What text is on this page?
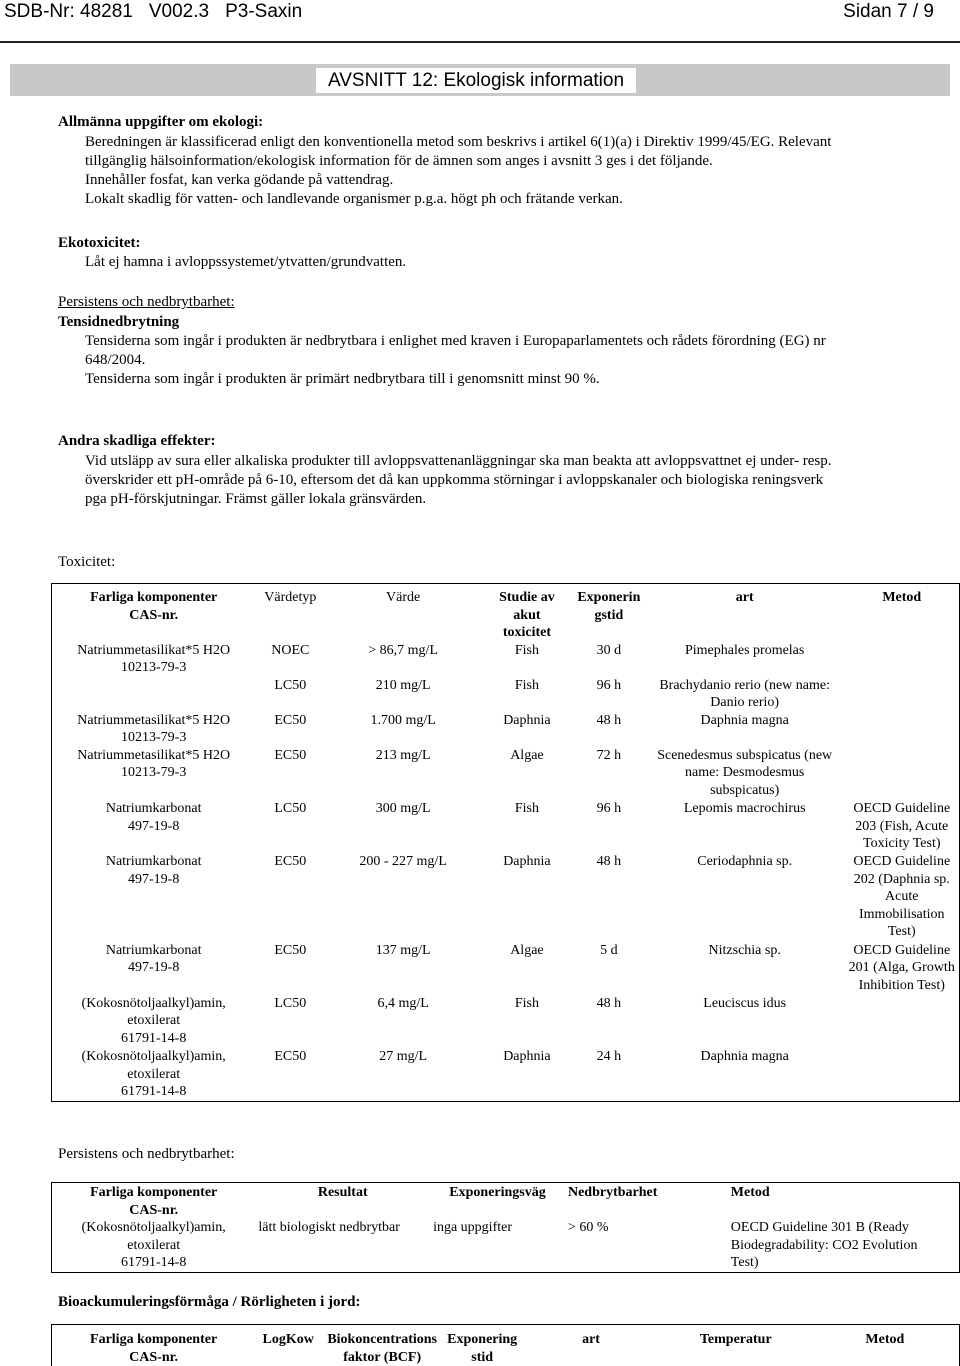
SDB-Nr: 48281 V002.3 P3-Saxin	Sidan 7 / 9
AVSNITT 12: Ekologisk information
Allmänna uppgifter om ekologi:
Beredningen är klassificerad enligt den konventionella metod som beskrivs i artikel 6(1)(a) i Direktiv 1999/45/EG. Relevant
tillgänglig hälsoinformation/ekologisk information för de ämnen som anges i avsnitt 3 ges i det följande.
Innehåller fosfat, kan verka gödande på vattendrag.
Lokalt skadlig för vatten- och landlevande organismer p.g.a. högt ph och frätande verkan.
Ekotoxicitet:
Låt ej hamna i avloppssystemet/ytvatten/grundvatten.
Persistens och nedbrytbarhet:
Tensidnedbrytning
Tensiderna som ingår i produkten är nedbrytbara i enlighet med kraven i Europaparlamentets och rådets förordning (EG) nr
648/2004.
Tensiderna som ingår i produkten är primärt nedbrytbara till i genomsnitt minst 90 %.
Andra skadliga effekter:
Vid utsläpp av sura eller alkaliska produkter till avloppsvattenanläggningar ska man beakta att avloppsvattnet ej under- resp.
överskrider ett pH-område på 6-10, eftersom det då kan uppkomma störningar i avloppskanaler och biologiska reningsverk
pga pH-förskjutningar. Främst gäller lokala gränsvärden.
Toxicitet:
Farliga komponenter
CAS-nr.	Värdetyp	Värde	Studie av
akut
toxicitet	Exponerin
gstid	art	Metod
Natriummetasilikat*5 H2O
10213-79-3	NOEC	> 86,7 mg/L	Fish	30 d	Pimephales promelas	
	LC50	210 mg/L	Fish	96 h	Brachydanio rerio (new name:
Danio rerio)	
Natriummetasilikat*5 H2O
10213-79-3	EC50	1.700 mg/L	Daphnia	48 h	Daphnia magna	
Natriummetasilikat*5 H2O
10213-79-3	EC50	213 mg/L	Algae	72 h	Scenedesmus subspicatus (new
name: Desmodesmus
subspicatus)	
Natriumkarbonat
497-19-8	LC50	300 mg/L	Fish	96 h	Lepomis macrochirus	OECD Guideline
203 (Fish, Acute
Toxicity Test)
Natriumkarbonat
497-19-8	EC50	200 - 227 mg/L	Daphnia	48 h	Ceriodaphnia sp.	OECD Guideline
202 (Daphnia sp.
Acute
Immobilisation
Test)
Natriumkarbonat
497-19-8	EC50	137 mg/L	Algae	5 d	Nitzschia sp.	OECD Guideline
201 (Alga, Growth
Inhibition Test)
(Kokosnötoljaalkyl)amin,
etoxilerat
61791-14-8	LC50	6,4 mg/L	Fish	48 h	Leuciscus idus	
(Kokosnötoljaalkyl)amin,
etoxilerat
61791-14-8	EC50	27 mg/L	Daphnia	24 h	Daphnia magna	
Persistens och nedbrytbarhet:
Farliga komponenter
CAS-nr.	Resultat	Exponeringsväg	Nedbrytbarhet	Metod
(Kokosnötoljaalkyl)amin,
etoxilerat
61791-14-8	lätt biologiskt nedbrytbar	inga uppgifter	> 60 %	OECD Guideline 301 B (Ready
Biodegradability: CO2 Evolution
Test)
Bioackumuleringsförmåga / Rörligheten i jord:
Farliga komponenter
CAS-nr.	LogKow	Biokoncentrations
faktor (BCF)	Exponering
stid	art	Temperatur	Metod
